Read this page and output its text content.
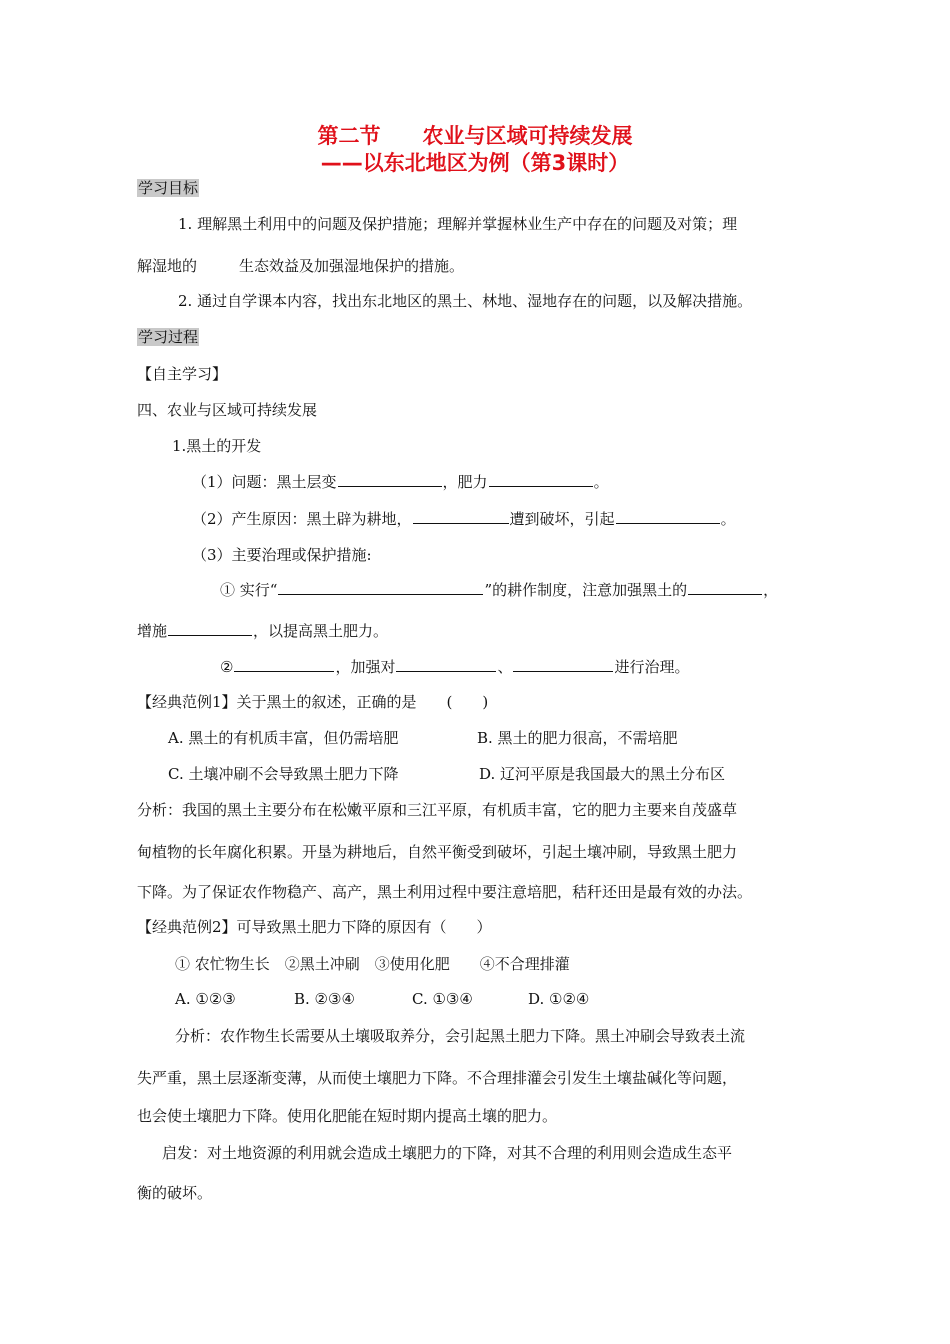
第二节 农业与区域可持续发展
——以东北地区为例（第3课时）
学习目标
1. 理解黑土利用中的问题及保护措施；理解并掌握林业生产中存在的问题及对策；理
解湿地的	生态效益及加强湿地保护的措施。
2. 通过自学课本内容，找出东北地区的黑土、林地、湿地存在的问题，以及解决措施。
学习过程
【自主学习】
四、农业与区域可持续发展
1.黑土的开发
（1）问题：黑土层变	，肥力	。
（2）产生原因：黑土辟为耕地，	遭到破坏，引起	。
（3）主要治理或保护措施:
① 实行“	”的耕作制度，注意加强黑土的	，
增施	，以提高黑土肥力。
②	，加强对	、	进行治理。
【经典范例1】关于黑土的叙述，正确的是　　(　　)
A. 黑土的有机质丰富，但仍需培肥	B. 黑土的肥力很高，不需培肥
C. 土壤冲刷不会导致黑土肥力下降	D. 辽河平原是我国最大的黑土分布区
分析：我国的黑土主要分布在松嫩平原和三江平原，有机质丰富，它的肥力主要来自茂盛草
甸植物的长年腐化积累。开垦为耕地后，自然平衡受到破坏，引起土壤冲刷，导致黑土肥力
下降。为了保证农作物稳产、高产，黑土利用过程中要注意培肥，秸秆还田是最有效的办法。
【经典范例2】可导致黑土肥力下降的原因有（　　）
① 农忙物生长　②黑土冲刷　③使用化肥　　④不合理排灌
A. ①②③	B. ②③④	C. ①③④	D. ①②④
分析：农作物生长需要从土壤吸取养分，会引起黑土肥力下降。黑土冲刷会导致表土流
失严重，黑土层逐渐变薄，从而使土壤肥力下降。不合理排灌会引发生土壤盐碱化等问题，
也会使土壤肥力下降。使用化肥能在短时期内提高土壤的肥力。
启发：对土地资源的利用就会造成土壤肥力的下降，对其不合理的利用则会造成生态平
衡的破坏。
